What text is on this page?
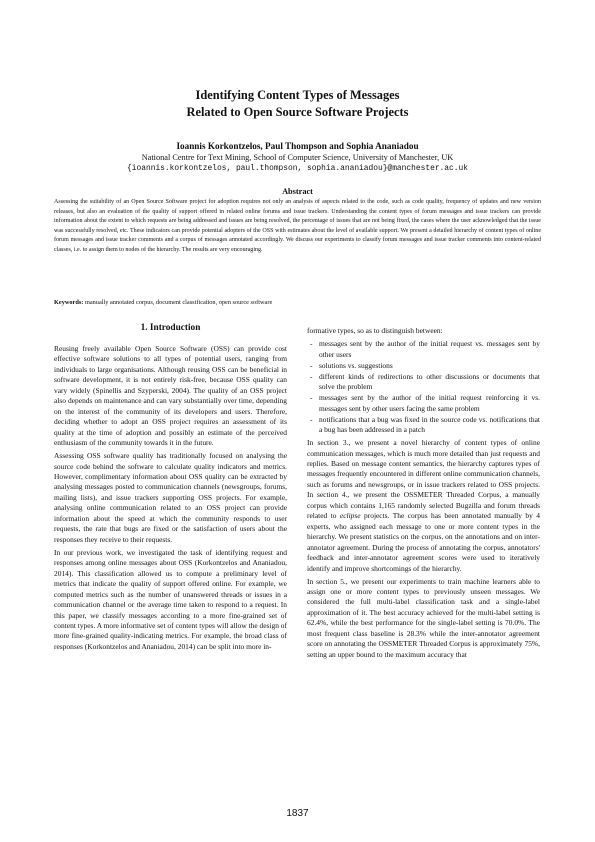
Identifying Content Types of Messages
Related to Open Source Software Projects
Ioannis Korkontzelos, Paul Thompson and Sophia Ananiadou
National Centre for Text Mining, School of Computer Science, University of Manchester, UK
{ioannis.korkontzelos, paul.thompson, sophia.ananiadou}@manchester.ac.uk
Abstract
Assessing the suitability of an Open Source Software project for adoption requires not only an analysis of aspects related to the code, such as code quality, frequency of updates and new version releases, but also an evaluation of the quality of support offered in related online forums and issue trackers. Understanding the content types of forum messages and issue trackers can provide information about the extent to which requests are being addressed and issues are being resolved, the percentage of issues that are not being fixed, the cases where the user acknowledged that the issue was successfully resolved, etc. These indicators can provide potential adopters of the OSS with estimates about the level of available support. We present a detailed hierarchy of content types of online forum messages and issue tracker comments and a corpus of messages annotated accordingly. We discuss our experiments to classify forum messages and issue tracker comments into content-related classes, i.e. to assign them to nodes of the hierarchy. The results are very encouraging.
Keywords: manually annotated corpus, document classification, open source software
1. Introduction

Reusing freely available Open Source Software (OSS) can provide cost effective software solutions to all types of potential users, ranging from individuals to large organisations. Although reusing OSS can be beneficial in software development, it is not entirely risk-free, because OSS quality can vary widely (Spinellis and Szyperski, 2004). The quality of an OSS project also depends on maintenance and can vary substantially over time, depending on the interest of the community of its developers and users. Therefore, deciding whether to adopt an OSS project requires an assessment of its quality at the time of adoption and possibly an estimate of the perceived enthusiasm of the community towards it in the future.

Assessing OSS software quality has traditionally focused on analysing the source code behind the software to calculate quality indicators and metrics. However, complimentary information about OSS quality can be extracted by analysing messages posted to communication channels (newsgroups, forums, mailing lists), and issue trackers supporting OSS projects. For example, analysing online communication related to an OSS project can provide information about the speed at which the community responds to user requests, the rate that bugs are fixed or the satisfaction of users about the responses they receive to their requests.

In our previous work, we investigated the task of identifying request and responses among online messages about OSS (Korkontzelos and Ananiadou, 2014). This classification allowed us to compute a preliminary level of metrics that indicate the quality of support offered online. For example, we computed metrics such as the number of unanswered threads or issues in a communication channel or the average time taken to respond to a request. In this paper, we classify messages according to a more fine-grained set of content types. A more informative set of content types will allow the design of more fine-grained quality-indicating metrics. For example, the broad class of responses (Korkontzelos and Ananiadou, 2014) can be split into more in-

formative types, so as to distinguish between:

- messages sent by the author of the initial request vs. messages sent by other users
- solutions vs. suggestions
- different kinds of redirections to other discussions or documents that solve the problem
- messages sent by the author of the initial request reinforcing it vs. messages sent by other users facing the same problem
- notifications that a bug was fixed in the source code vs. notifications that a bug has been addressed in a patch

In section 3., we present a novel hierarchy of content types of online communication messages, which is much more detailed than just requests and replies. Based on message content semantics, the hierarchy captures types of messages frequently encountered in different online communication channels, such as forums and newsgroups, or in issue trackers related to OSS projects. In section 4., we present the OSSMETER Threaded Corpus, a manually corpus which contains 1,165 randomly selected Bugzilla and forum threads related to eclipse projects. The corpus has been annotated manually by 4 experts, who assigned each message to one or more content types in the hierarchy. We present statistics on the corpus, on the annotations and on inter-annotator agreement. During the process of annotating the corpus, annotators' feedback and inter-annotator agreement scores were used to iteratively identify and improve shortcomings of the hierarchy.

In section 5., we present our experiments to train machine learners able to assign one or more content types to previously unseen messages. We considered the full multi-label classification task and a single-label approximation of it. The best accuracy achieved for the multi-label setting is 62.4%, while the best performance for the single-label setting is 70.0%. The most frequent class baseline is 28.3% while the inter-annotator agreement score on annotating the OSSMETER Threaded Corpus is approximately 75%, setting an upper bound to the maximum accuracy that

1837
